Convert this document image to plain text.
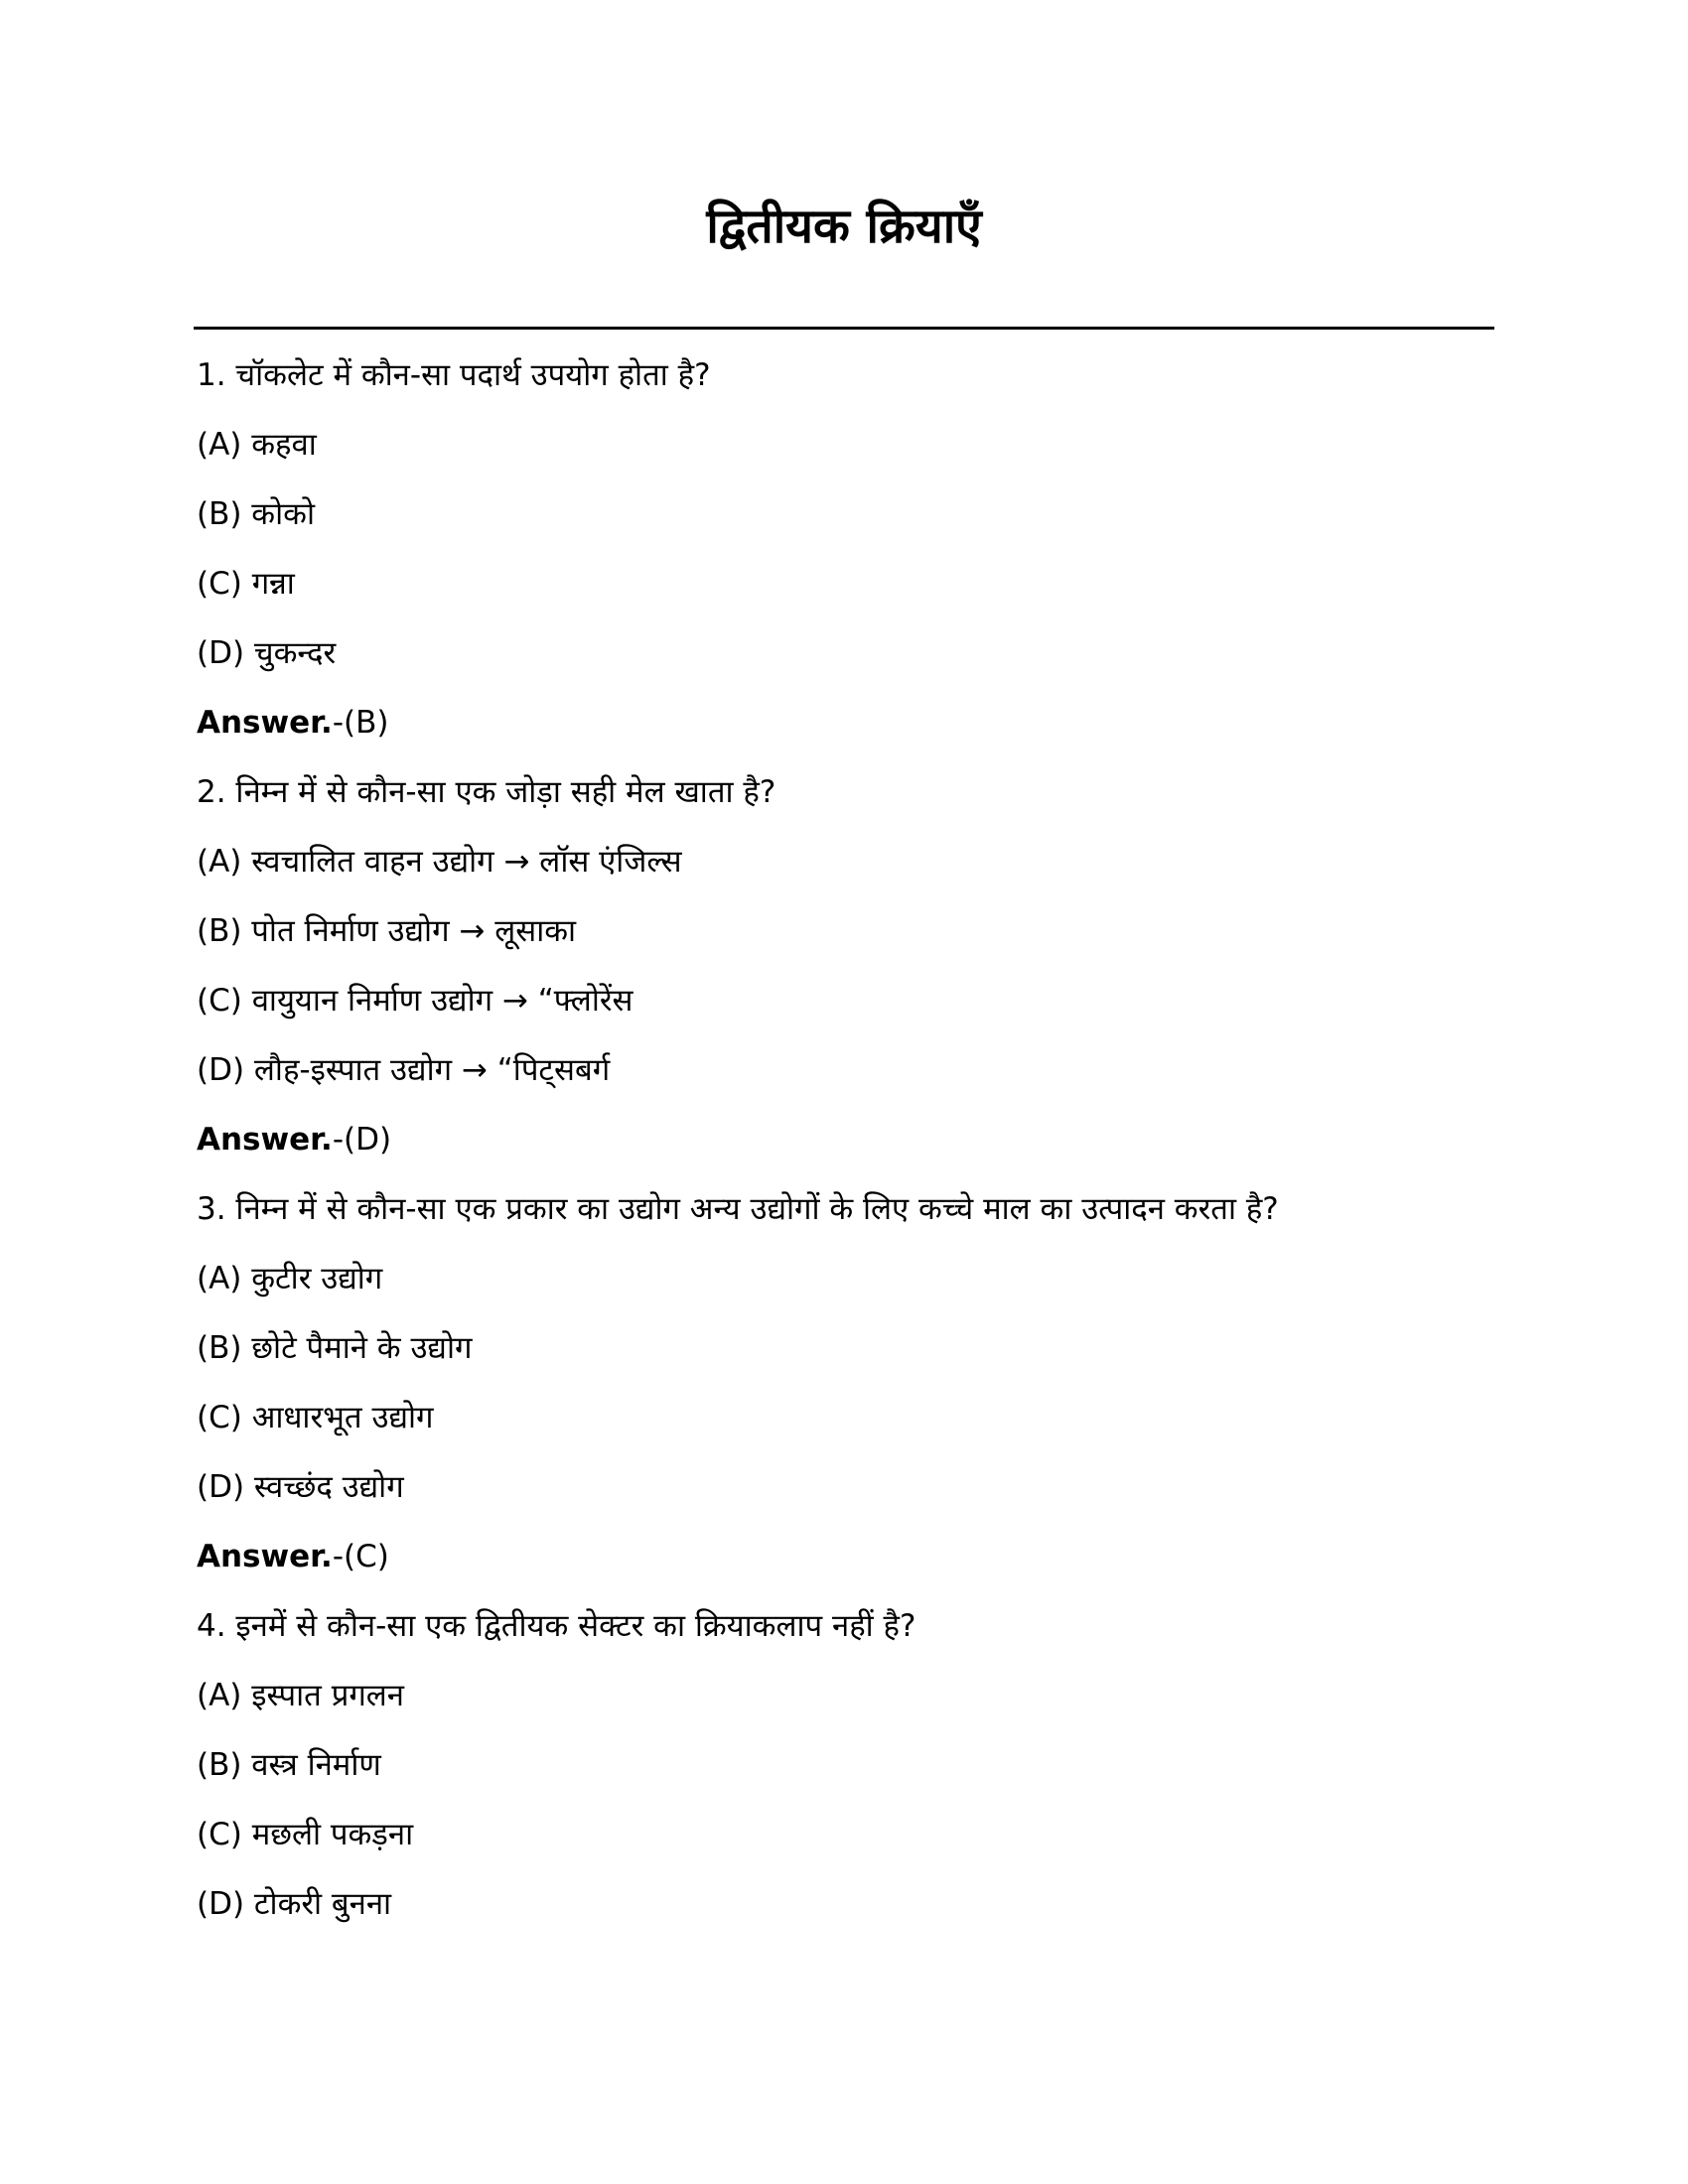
द्वितीयक क्रियाएँ
1. चॉकलेट में कौन-सा पदार्थ उपयोग होता है?
(A) कहवा
(B) कोको
(C) गन्ना
(D) चुकन्दर
Answer.-(B)
2. निम्न में से कौन-सा एक जोड़ा सही मेल खाता है?
(A) स्वचालित वाहन उद्योग → लॉस एंजिल्स
(B) पोत निर्माण उद्योग → लूसाका
(C) वायुयान निर्माण उद्योग → “फ्लोरेंस
(D) लौह-इस्पात उद्योग → “पिट्सबर्ग
Answer.-(D)
3. निम्न में से कौन-सा एक प्रकार का उद्योग अन्य उद्योगों के लिए कच्चे माल का उत्पादन करता है?
(A) कुटीर उद्योग
(B) छोटे पैमाने के उद्योग
(C) आधारभूत उद्योग
(D) स्वच्छंद उद्योग
Answer.-(C)
4. इनमें से कौन-सा एक द्वितीयक सेक्टर का क्रियाकलाप नहीं है?
(A) इस्पात प्रगलन
(B) वस्त्र निर्माण
(C) मछली पकड़ना
(D) टोकरी बुनना
